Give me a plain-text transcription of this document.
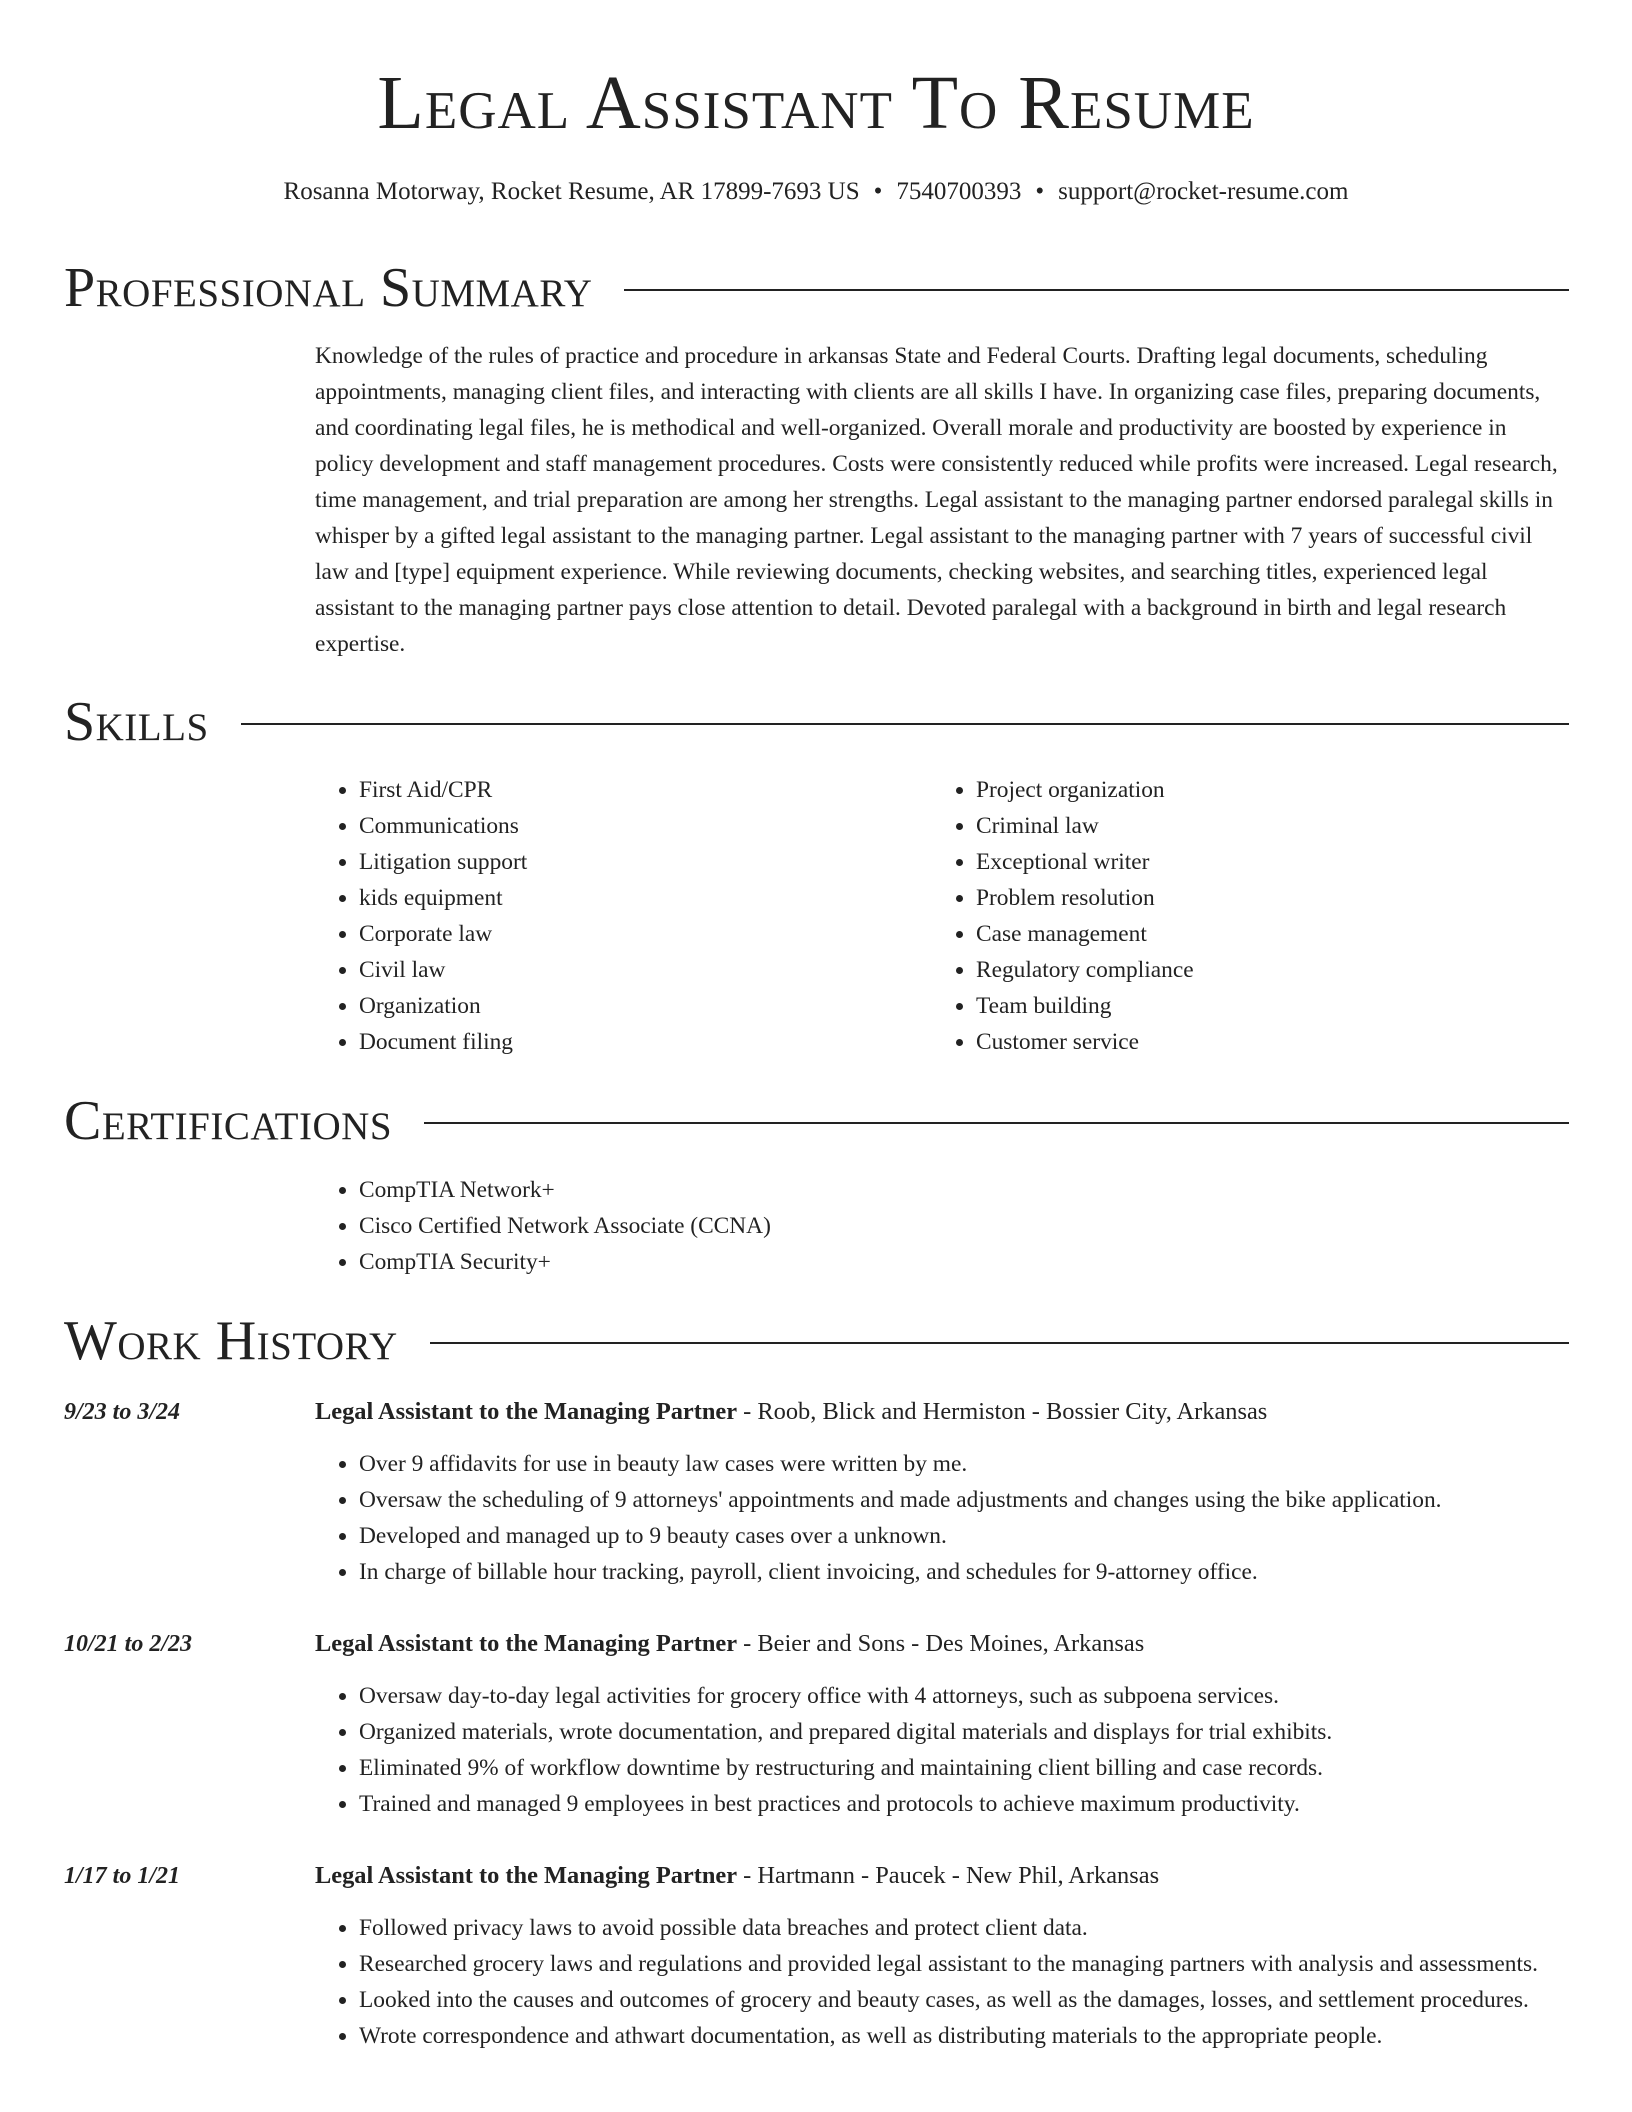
Legal Assistant To Resume
Rosanna Motorway, Rocket Resume, AR 17899-7693 US • 7540700393 • support@rocket-resume.com
Professional Summary

Knowledge of the rules of practice and procedure in arkansas State and Federal Courts. Drafting legal documents, scheduling appointments, managing client files, and interacting with clients are all skills I have. In organizing case files, preparing documents, and coordinating legal files, he is methodical and well-organized. Overall morale and productivity are boosted by experience in policy development and staff management procedures. Costs were consistently reduced while profits were increased. Legal research, time management, and trial preparation are among her strengths. Legal assistant to the managing partner endorsed paralegal skills in whisper by a gifted legal assistant to the managing partner. Legal assistant to the managing partner with 7 years of successful civil law and [type] equipment experience. While reviewing documents, checking websites, and searching titles, experienced legal assistant to the managing partner pays close attention to detail. Devoted paralegal with a background in birth and legal research expertise.

Skills
• First Aid/CPR
• Communications
• Litigation support
• kids equipment
• Corporate law
• Civil law
• Organization
• Document filing
• Project organization
• Criminal law
• Exceptional writer
• Problem resolution
• Case management
• Regulatory compliance
• Team building
• Customer service
Certifications
• CompTIA Network+
• Cisco Certified Network Associate (CCNA)
• CompTIA Security+
Work History
9/23 to 3/24	Legal Assistant to the Managing Partner - Roob, Blick and Hermiston - Bossier City, Arkansas
• Over 9 affidavits for use in beauty law cases were written by me.
• Oversaw the scheduling of 9 attorneys' appointments and made adjustments and changes using the bike application.
• Developed and managed up to 9 beauty cases over a unknown.
• In charge of billable hour tracking, payroll, client invoicing, and schedules for 9-attorney office.
10/21 to 2/23	Legal Assistant to the Managing Partner - Beier and Sons - Des Moines, Arkansas
• Oversaw day-to-day legal activities for grocery office with 4 attorneys, such as subpoena services.
• Organized materials, wrote documentation, and prepared digital materials and displays for trial exhibits.
• Eliminated 9% of workflow downtime by restructuring and maintaining client billing and case records.
• Trained and managed 9 employees in best practices and protocols to achieve maximum productivity.
1/17 to 1/21	Legal Assistant to the Managing Partner - Hartmann - Paucek - New Phil, Arkansas
• Followed privacy laws to avoid possible data breaches and protect client data.
• Researched grocery laws and regulations and provided legal assistant to the managing partners with analysis and assessments.
• Looked into the causes and outcomes of grocery and beauty cases, as well as the damages, losses, and settlement procedures.
• Wrote correspondence and athwart documentation, as well as distributing materials to the appropriate people.
